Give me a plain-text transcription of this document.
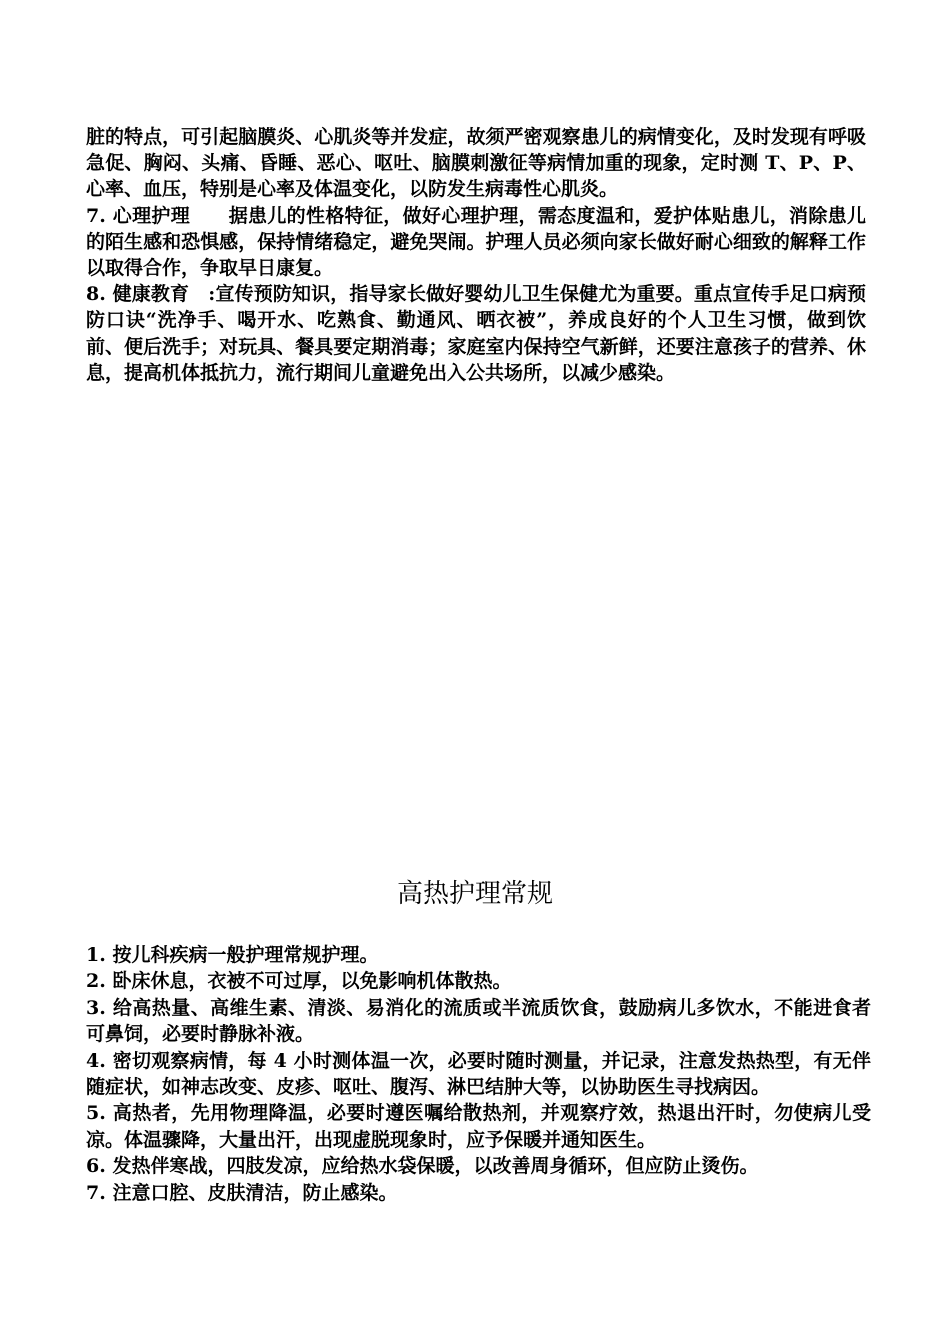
脏的特点，可引起脑膜炎、心肌炎等并发症，故须严密观察患儿的病情变化，及时发现有呼吸急促、胸闷、头痛、昏睡、恶心、呕吐、脑膜刺激征等病情加重的现象，定时测 T、P、P、心率、血压，特别是心率及体温变化，以防发生病毒性心肌炎。

7. 心理护理　　据患儿的性格特征，做好心理护理，需态度温和，爱护体贴患儿，消除患儿的陌生感和恐惧感，保持情绪稳定，避免哭闹。护理人员必须向家长做好耐心细致的解释工作以取得合作，争取早日康复。

8. 健康教育　:宣传预防知识，指导家长做好婴幼儿卫生保健尤为重要。重点宣传手足口病预防口诀“洗净手、喝开水、吃熟食、勤通风、晒衣被”，养成良好的个人卫生习惯，做到饮前、便后洗手；对玩具、餐具要定期消毒；家庭室内保持空气新鲜，还要注意孩子的营养、休息，提高机体抵抗力，流行期间儿童避免出入公共场所，以减少感染。

高热护理常规

1. 按儿科疾病一般护理常规护理。

2. 卧床休息，衣被不可过厚，以免影响机体散热。

3. 给高热量、高维生素、清淡、易消化的流质或半流质饮食，鼓励病儿多饮水，不能进食者可鼻饲，必要时静脉补液。

4. 密切观察病情，每 4 小时测体温一次，必要时随时测量，并记录，注意发热热型，有无伴随症状，如神志改变、皮疹、呕吐、腹泻、淋巴结肿大等，以协助医生寻找病因。

5. 高热者，先用物理降温，必要时遵医嘱给散热剂，并观察疗效，热退出汗时，勿使病儿受凉。体温骤降，大量出汗，出现虚脱现象时，应予保暖并通知医生。

6. 发热伴寒战，四肢发凉，应给热水袋保暖，以改善周身循环，但应防止烫伤。

7. 注意口腔、皮肤清洁，防止感染。
